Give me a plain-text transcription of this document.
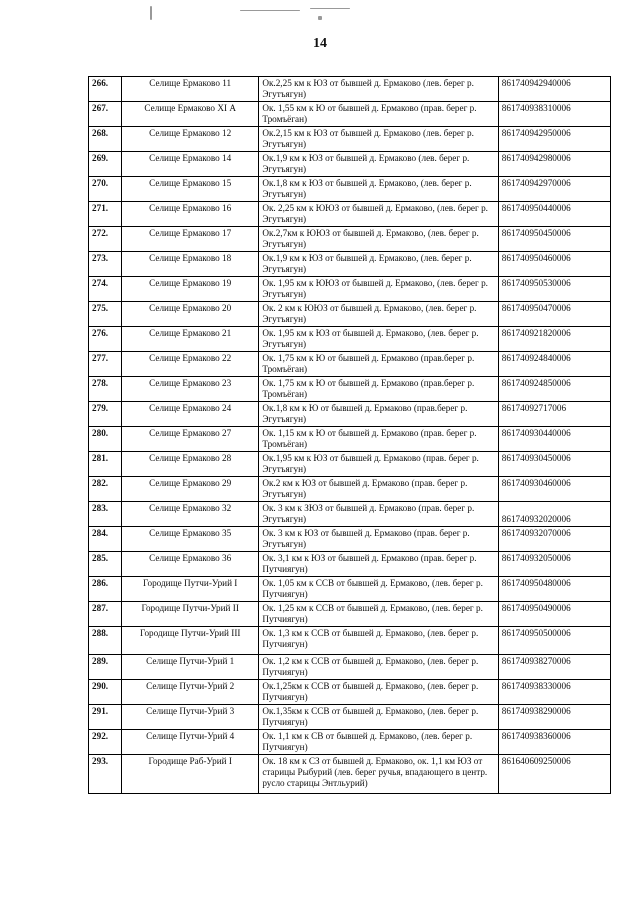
14
266.	Селище Ермаково 11	Ок.2,25 км к ЮЗ от бывшей д. Ермаково (лев. берег р. Эгутъягун)	861740942940006
267.	Селище Ермаково XI А	Ок. 1,55 км к Ю от бывшей д. Ермаково (прав. берег р. Тромъёган)	861740938310006
268.	Селище Ермаково 12	Ок.2,15 км к ЮЗ от бывшей д. Ермаково (лев. берег р. Эгутъягун)	861740942950006
269.	Селище Ермаково 14	Ок.1,9 км к ЮЗ от бывшей д. Ермаково (лев. берег р. Эгутъягун)	861740942980006
270.	Селище Ермаково 15	Ок.1,8 км к ЮЗ от бывшей д. Ермаково, (лев. берег р. Эгутъягун)	861740942970006
271.	Селище Ермаково 16	Ок. 2,25 км к ЮЮЗ от бывшей д. Ермаково, (лев. берег р. Эгутъягун)	861740950440006
272.	Селище Ермаково 17	Ок.2,7км к ЮЮЗ от бывшей д. Ермаково, (лев. берег р. Эгутъягун)	861740950450006
273.	Селище Ермаково 18	Ок.1,9 км к ЮЗ от бывшей д. Ермаково, (лев. берег р. Эгутъягун)	861740950460006
274.	Селище Ермаково 19	Ок. 1,95 км к ЮЮЗ от бывшей д. Ермаково, (лев. берег р. Эгутъягун)	861740950530006
275.	Селище Ермаково 20	Ок. 2 км к ЮЮЗ от бывшей д. Ермаково, (лев. берег р. Эгутъягун)	861740950470006
276.	Селище Ермаково 21	Ок. 1,95 км к ЮЗ от бывшей д. Ермаково, (лев. берег р. Эгутъягун)	861740921820006
277.	Селище Ермаково 22	Ок. 1,75 км к Ю от бывшей д. Ермаково (прав.берег р. Тромъёган)	861740924840006
278.	Селище Ермаково 23	Ок. 1,75 км к Ю от бывшей д. Ермаково (прав.берег р. Тромъёган)	861740924850006
279.	Селище Ермаково 24	Ок.1,8 км к Ю от бывшей д. Ермаково (прав.берег р. Эгутъягун)	86174092717006
280.	Селище Ермаково 27	Ок. 1,15 км к Ю от бывшей д. Ермаково (прав. берег р. Тромъёган)	861740930440006
281.	Селище Ермаково 28	Ок.1,95 км к ЮЗ от бывшей д. Ермаково (прав. берег р. Эгутъягун)	861740930450006
282.	Селище Ермаково 29	Ок.2 км к ЮЗ от бывшей д. Ермаково (прав. берег р. Эгутъягун)	861740930460006
283.	Селище Ермаково 32	Ок. 3 км к ЗЮЗ от бывшей д. Ермаково (прав. берег р. Эгутъягун)	861740932020006
284.	Селище Ермаково 35	Ок. 3 км к ЮЗ от бывшей д. Ермаково (прав. берег р. Эгутъягун)	861740932070006
285.	Селище Ермаково 36	Ок. 3,1 км к ЮЗ от бывшей д. Ермаково (прав. берег р. Путчиягун)	861740932050006
286.	Городище Путчи-Урий I	Ок. 1,05 км к ССВ от бывшей д. Ермаково, (лев. берег р. Путчиягун)	861740950480006
287.	Городище Путчи-Урий II	Ок. 1,25 км к ССВ от бывшей д. Ермаково, (лев. берег р. Путчиягун)	861740950490006
288.	Городище Путчи-Урий III	Ок. 1,3 км к ССВ от бывшей д. Ермаково, (лев. берег р. Путчиягун)	861740950500006
289.	Селище Путчи-Урий 1	Ок. 1,2 км к ССВ от бывшей д. Ермаково, (лев. берег р. Путчиягун)	861740938270006
290.	Селище Путчи-Урий 2	Ок.1,25км к ССВ от бывшей д. Ермаково, (лев. берег р. Путчиягун)	861740938330006
291.	Селище Путчи-Урий 3	Ок.1,35км к ССВ от бывшей д. Ермаково, (лев. берег р. Путчиягун)	861740938290006
292.	Селище Путчи-Урий 4	Ок. 1,1 км к СВ от бывшей д. Ермаково, (лев. берег р. Путчиягун)	861740938360006
293.	Городище Раб-Урий I	Ок. 18 км к СЗ от бывшей д. Ермаково, ок. 1,1 км ЮЗ от старицы Рыбурий (лев. берег ручья, впадающего в центр. русло старицы Энтльурий)	861640609250006
